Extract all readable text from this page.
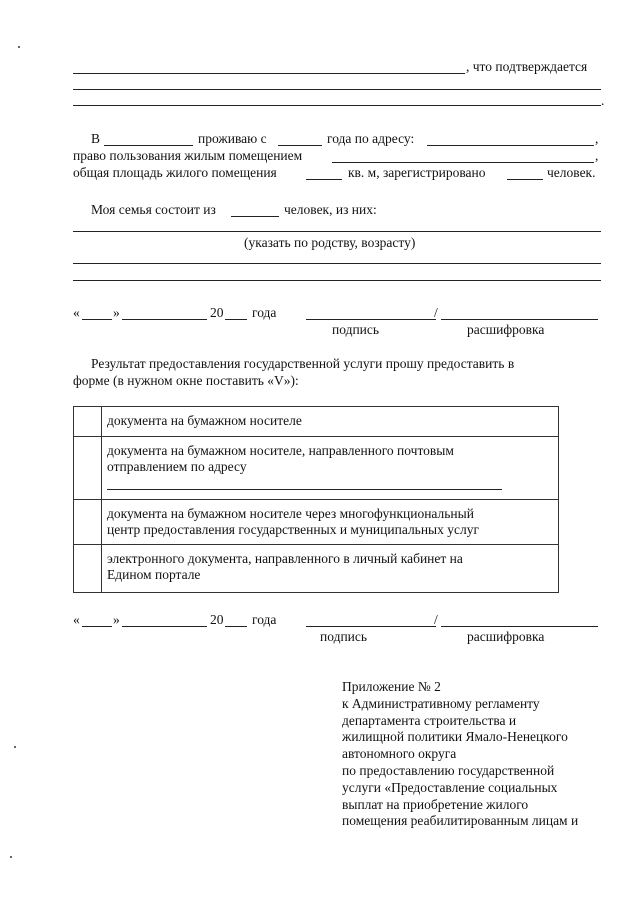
, что подтверждается
.
В	проживаю с	года по адресу:	,
право пользования жилым помещением	,
общая площадь жилого помещения	кв. м, зарегистрировано	человек.
Моя семья состоит из	человек, из них:
(указать по родству, возрасту)
« »	20 года	/
подпись	расшифровка
Результат предоставления государственной услуги прошу предоставить в
форме (в нужном окне поставить «V»):

	документа на бумажном носителе

	документа на бумажном носителе, направленного почтовым
отправлением по адресу

	документа на бумажном носителе через многофункциональный
центр предоставления государственных и муниципальных услуг

	электронного документа, направленного в личный кабинет на
Едином портале
« »	20 года	/
подпись	расшифровка
Приложение № 2
к Административному регламенту
департамента строительства и
жилищной политики Ямало-Ненецкого
автономного округа
по предоставлению государственной
услуги «Предоставление социальных
выплат на приобретение жилого
помещения реабилитированным лицам и
